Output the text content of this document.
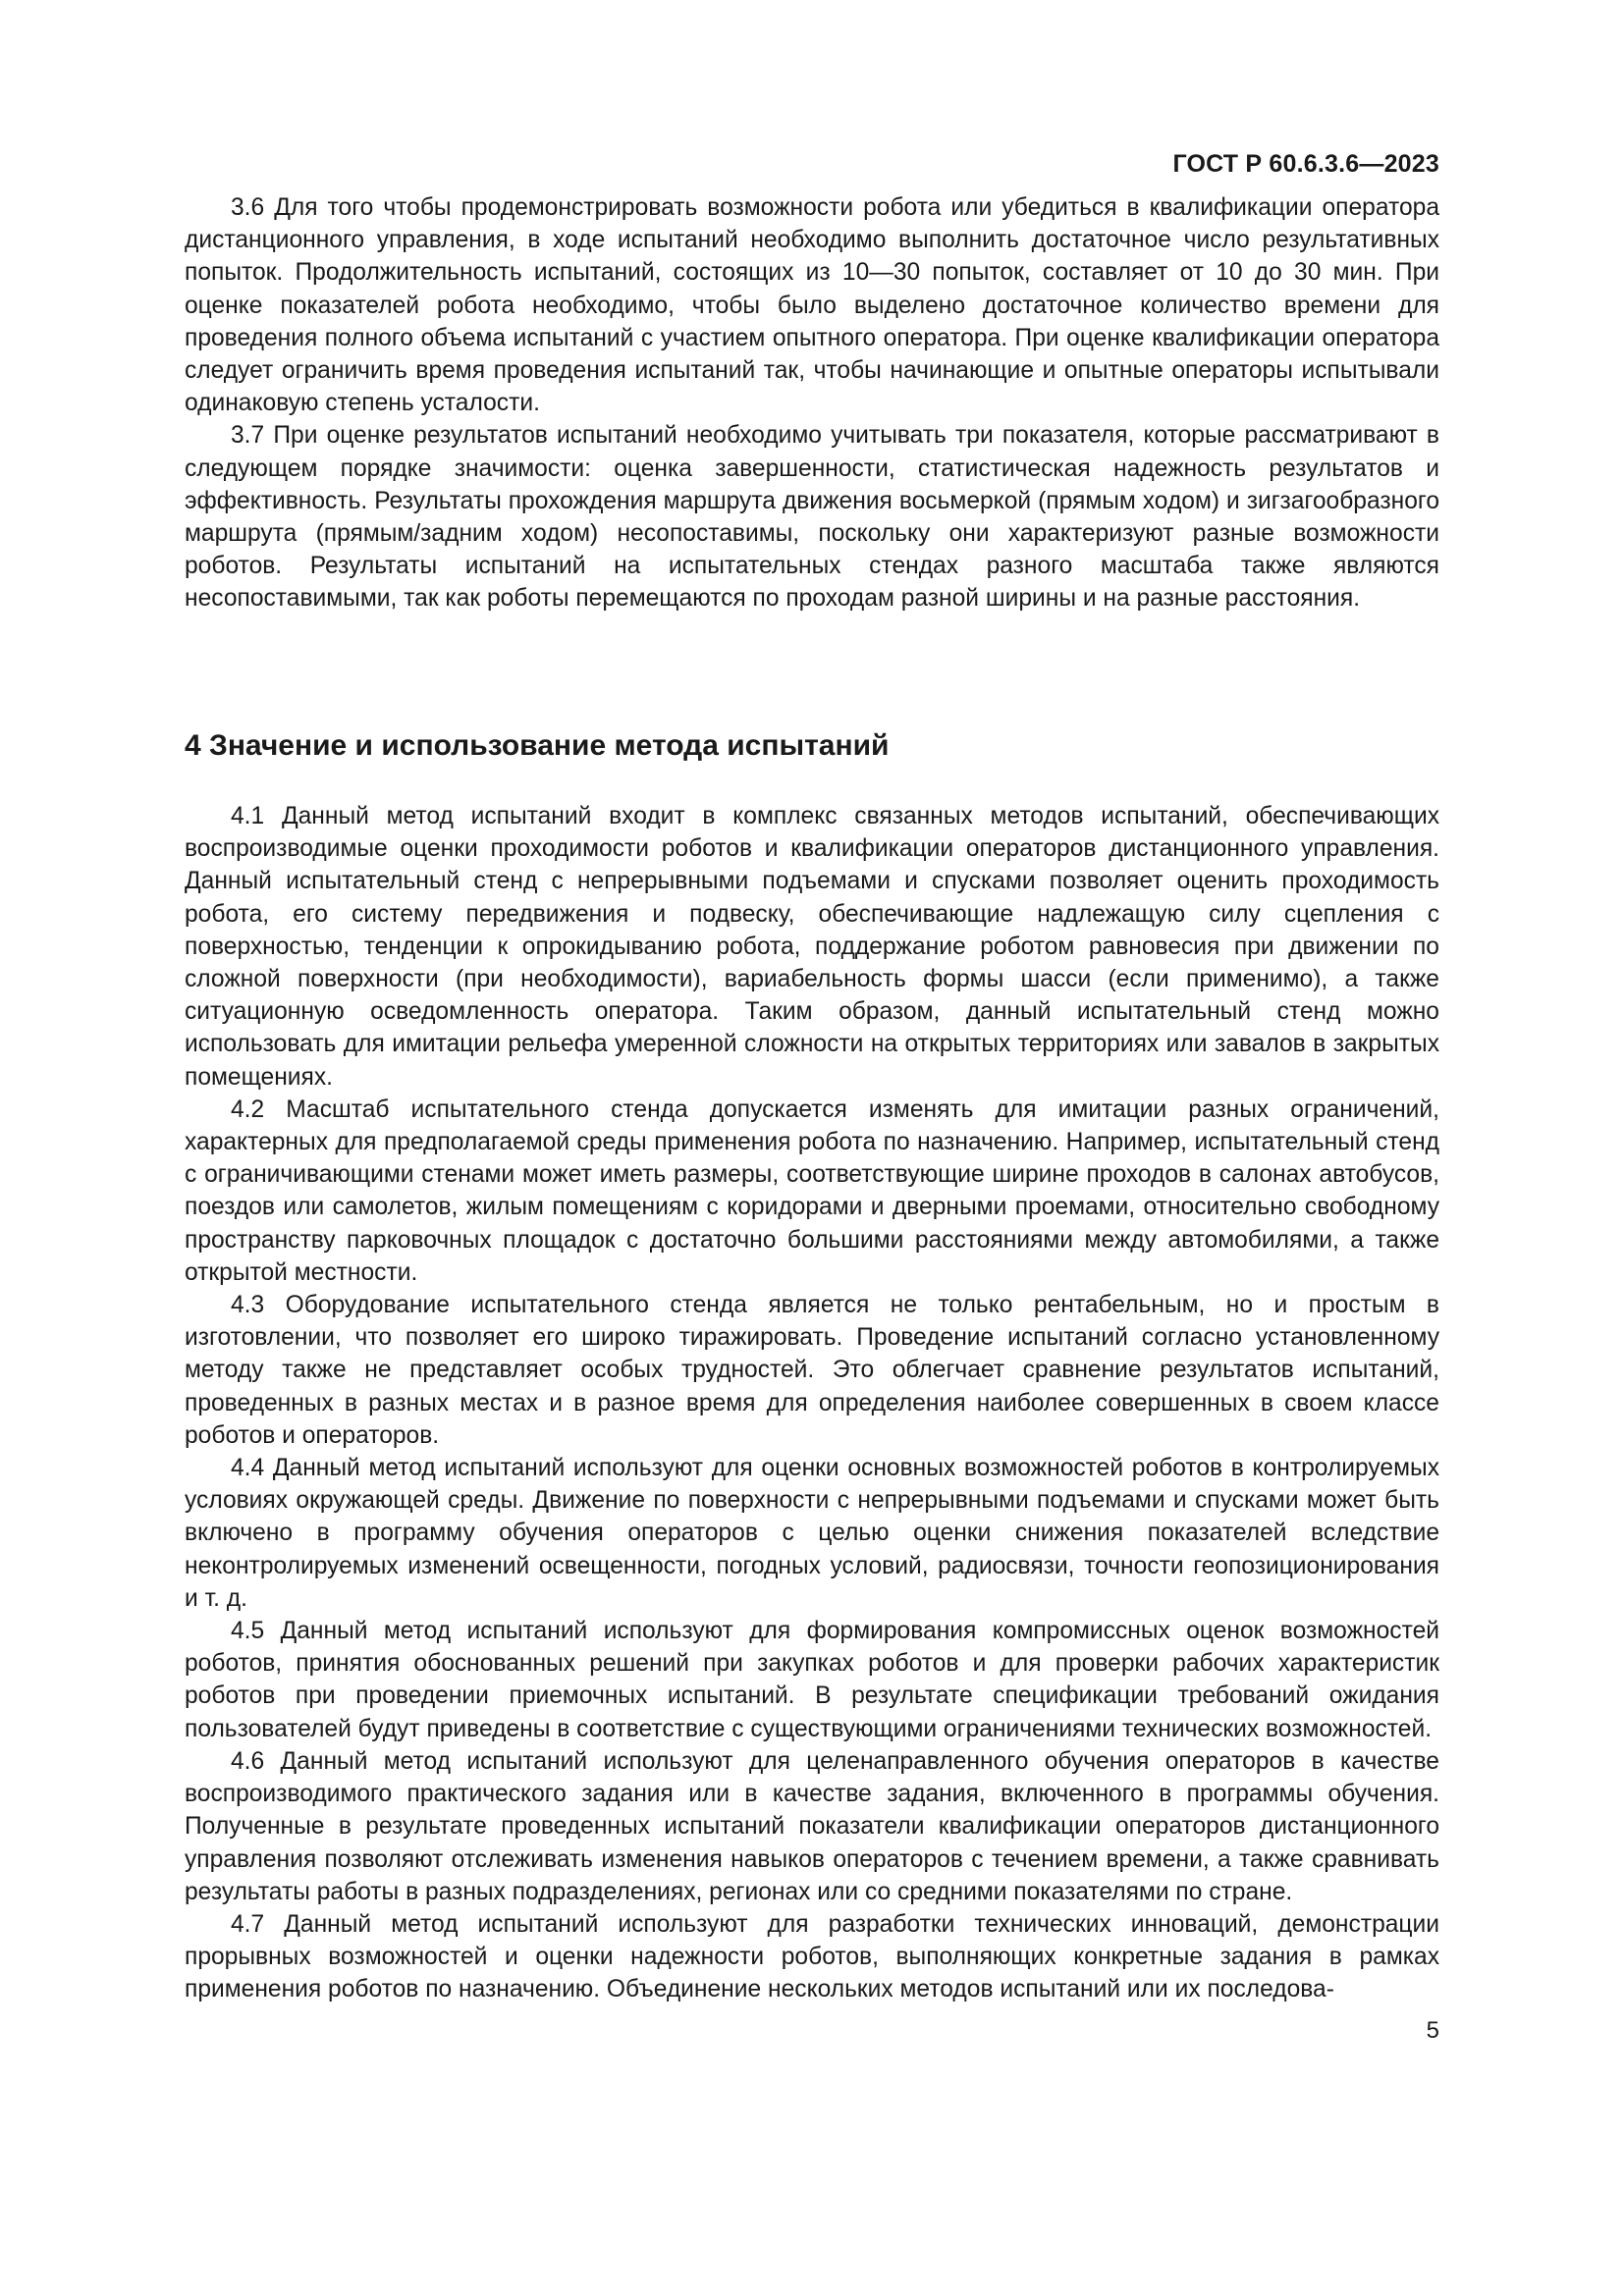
ГОСТ Р 60.6.3.6—2023

3.6 Для того чтобы продемонстрировать возможности робота или убедиться в квалификации оператора дистанционного управления, в ходе испытаний необходимо выполнить достаточное число результативных попыток. Продолжительность испытаний, состоящих из 10—30 попыток, составляет от 10 до 30 мин. При оценке показателей робота необходимо, чтобы было выделено достаточное количество времени для проведения полного объема испытаний с участием опытного оператора. При оценке квалификации оператора следует ограничить время проведения испытаний так, чтобы начинающие и опытные операторы испытывали одинаковую степень усталости.

3.7 При оценке результатов испытаний необходимо учитывать три показателя, которые рассматривают в следующем порядке значимости: оценка завершенности, статистическая надежность результатов и эффективность. Результаты прохождения маршрута движения восьмеркой (прямым ходом) и зигзагообразного маршрута (прямым/задним ходом) несопоставимы, поскольку они характеризуют разные возможности роботов. Результаты испытаний на испытательных стендах разного масштаба также являются несопоставимыми, так как роботы перемещаются по проходам разной ширины и на разные расстояния.

4 Значение и использование метода испытаний

4.1 Данный метод испытаний входит в комплекс связанных методов испытаний, обеспечивающих воспроизводимые оценки проходимости роботов и квалификации операторов дистанционного управления. Данный испытательный стенд с непрерывными подъемами и спусками позволяет оценить проходимость робота, его систему передвижения и подвеску, обеспечивающие надлежащую силу сцепления с поверхностью, тенденции к опрокидыванию робота, поддержание роботом равновесия при движении по сложной поверхности (при необходимости), вариабельность формы шасси (если применимо), а также ситуационную осведомленность оператора. Таким образом, данный испытательный стенд можно использовать для имитации рельефа умеренной сложности на открытых территориях или завалов в закрытых помещениях.

4.2 Масштаб испытательного стенда допускается изменять для имитации разных ограничений, характерных для предполагаемой среды применения робота по назначению. Например, испытательный стенд с ограничивающими стенами может иметь размеры, соответствующие ширине проходов в салонах автобусов, поездов или самолетов, жилым помещениям с коридорами и дверными проемами, относительно свободному пространству парковочных площадок с достаточно большими расстояниями между автомобилями, а также открытой местности.

4.3 Оборудование испытательного стенда является не только рентабельным, но и простым в изготовлении, что позволяет его широко тиражировать. Проведение испытаний согласно установленному методу также не представляет особых трудностей. Это облегчает сравнение результатов испытаний, проведенных в разных местах и в разное время для определения наиболее совершенных в своем классе роботов и операторов.

4.4 Данный метод испытаний используют для оценки основных возможностей роботов в контролируемых условиях окружающей среды. Движение по поверхности с непрерывными подъемами и спусками может быть включено в программу обучения операторов с целью оценки снижения показателей вследствие неконтролируемых изменений освещенности, погодных условий, радиосвязи, точности геопозиционирования и т. д.

4.5 Данный метод испытаний используют для формирования компромиссных оценок возможностей роботов, принятия обоснованных решений при закупках роботов и для проверки рабочих характеристик роботов при проведении приемочных испытаний. В результате спецификации требований ожидания пользователей будут приведены в соответствие с существующими ограничениями технических возможностей.

4.6 Данный метод испытаний используют для целенаправленного обучения операторов в качестве воспроизводимого практического задания или в качестве задания, включенного в программы обучения. Полученные в результате проведенных испытаний показатели квалификации операторов дистанционного управления позволяют отслеживать изменения навыков операторов с течением времени, а также сравнивать результаты работы в разных подразделениях, регионах или со средними показателями по стране.

4.7 Данный метод испытаний используют для разработки технических инноваций, демонстрации прорывных возможностей и оценки надежности роботов, выполняющих конкретные задания в рамках применения роботов по назначению. Объединение нескольких методов испытаний или их последова-

5
